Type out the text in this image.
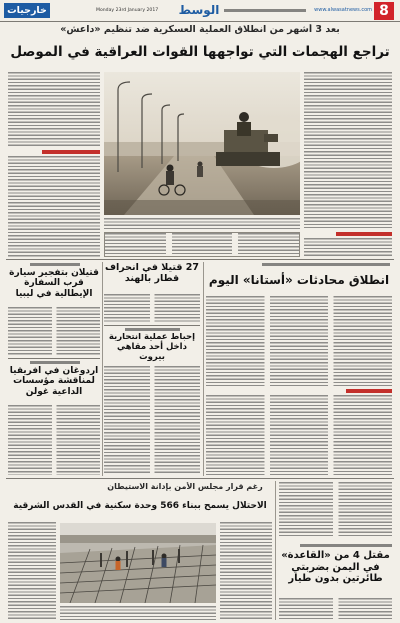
خارجيات	Monday 23rd January 2017	الوسط	www.alwasatnews.com 8
بعد 3 أشهر من انطلاق العملية العسكرية ضد تنظيم «داعش»
تراجع الهجمات التي تواجهها القوات العراقية في الموصل
قتيلان بتفجير سيارة قرب السفارة الإيطالية في ليبيا
أردوغان في أفريقيا لمناقشة مؤسسات الداعية غولن
27 قتيلاً في انحراف قطار بالهند
إحباط عملية انتحارية داخل أحد مقاهي بيروت
انطلاق محادثات «أستانا» اليوم
رغم قرار مجلس الأمن بإدانة الاستيطان
الاحتلال يسمح ببناء 566 وحدة سكنية في القدس الشرقية
مقتل 4 من «القاعدة» في اليمن بضربتي طائرتين بدون طيار
